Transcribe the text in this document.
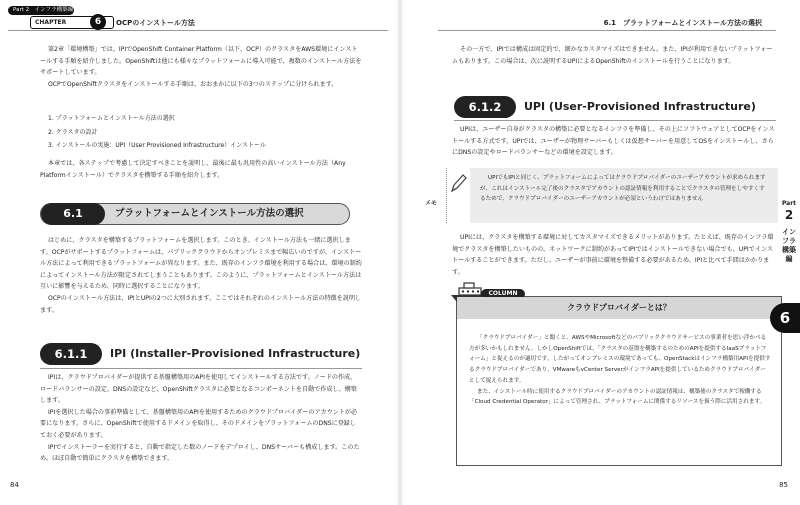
Part 2　インフラ構築編
CHAPTER	6	OCPのインストール方法

第2章「環境構築」では、IPIでOpenShift Container Platform（以下、OCP）のクラスタをAWS環境にインストールする手順を紹介しました。OpenShiftは他にも様々なプラットフォームに導入可能で、複数のインストール方法をサポートしています。

OCPでOpenShiftクラスタをインストールする手順は、おおまかに以下の3つのステップに分けられます。

1. プラットフォームとインストール方法の選択
2. クラスタの設計
3. インストールの実施：UPI（User Provisioned Infrastructure）インストール

本章では、各ステップで考慮して決定すべきことを説明し、最後に最も汎用性の高いインストール方法（Any Platformインストール）でクラスタを構築する手順を紹介します。

6.1	プラットフォームとインストール方法の選択

はじめに、クラスタを構築するプラットフォームを選択します。このとき、インストール方法も一緒に選択します。OCPがサポートするプラットフォームは、パブリッククラウドからオンプレミスまで幅広いのですが、インストール方法によって利用できるプラットフォームが異なります。また、既存のインフラ環境を利用する場合は、環境の制約によってインストール方法が限定されてしまうこともあります。このように、プラットフォームとインストール方法は互いに影響を与えるため、同時に選択することになります。

OCPのインストール方法は、IPIとUPIの2つに大別されます。ここではそれぞれのインストール方法の特徴を説明します。

6.1.1	IPI (Installer-Provisioned Infrastructure)

IPIは、クラウドプロバイダーが提供する基盤構築用のAPIを使用してインストールする方法です。ノードの作成、ロードバランサーの設定、DNSの設定など、OpenShiftクラスタに必要となるコンポーネントを自動で作成し、構築します。

IPIを選択した場合の事前準備として、基盤構築用のAPIを使用するためのクラウドプロバイダーのアカウントが必要になります。さらに、OpenShiftで使用するドメインを取得し、そのドメインをプラットフォームのDNSに登録しておく必要があります。

IPIでインストーラーを実行すると、自動で指定した数のノードをデプロイし、DNSサーバーも構成します。このため、ほぼ自動で簡単にクラスタを構築できます。

84
6.1　プラットフォームとインストール方法の選択

その一方で、IPIでは構成は固定的で、細かなカスタマイズはできません。また、IPIが利用できないプラットフォームもあります。この場合は、次に説明するUPIによるOpenShiftのインストールを行うことになります。

6.1.2	UPI (User-Provisioned Infrastructure)

UPIは、ユーザー自身がクラスタの構築に必要となるインフラを準備し、その上にソフトウェアとしてOCPをインストールする方式です。UPIでは、ユーザーが物理サーバーもしくは仮想サーバーを用意してOSをインストールし、さらにDNSの設定やロードバランサーなどの環境を設定します。

メモ
UPIでもIPIと同じく、プラットフォームによってはクラウドプロバイダーのユーザーアカウントが求められますが、これはインストール完了後のクラスタでアカウントの認証情報を利用することでクラスタの管理をしやすくするためで、クラウドプロバイダーのユーザーアカウントが必須というわけではありません

UPIには、クラスタを構築する環境に対してカスタマイズできるメリットがあります。たとえば、既存のインフラ環境でクラスタを構築したいものの、ネットワークに制約があってIPIではインストールできない場合でも、UPIでインストールすることができます。ただし、ユーザーが事前に環境を整備する必要があるため、IPIと比べて手間はかかります。

COLUMN
クラウドプロバイダーとは？

「クラウドプロバイダー」と聞くと、AWSやMicrosoftなどのパブリッククラウドサービスの事業者を思い浮かべる方が多いかもしれません。しかしOpenShiftでは、「クラスタの基盤を構築するのためのAPIを提供するIaaSプラットフォーム」と捉えるのが適切です。したがってオンプレミスの環境であっても、OpenStackはインフラ構築用APIを提供するクラウドプロバイダーであり、VMwareもvCenter ServerがインフラAPIを提供しているためクラウドプロバイダーとして捉えられます。

また、インストール時に使用するクラウドプロバイダーのアカウントの認証情報は、構築後のクラスタで稼働する「Cloud Credential Operator」によって管理され、プラットフォームに関係するリソースを扱う際に活用されます。

Part
2
インフラ構築編
6
85
